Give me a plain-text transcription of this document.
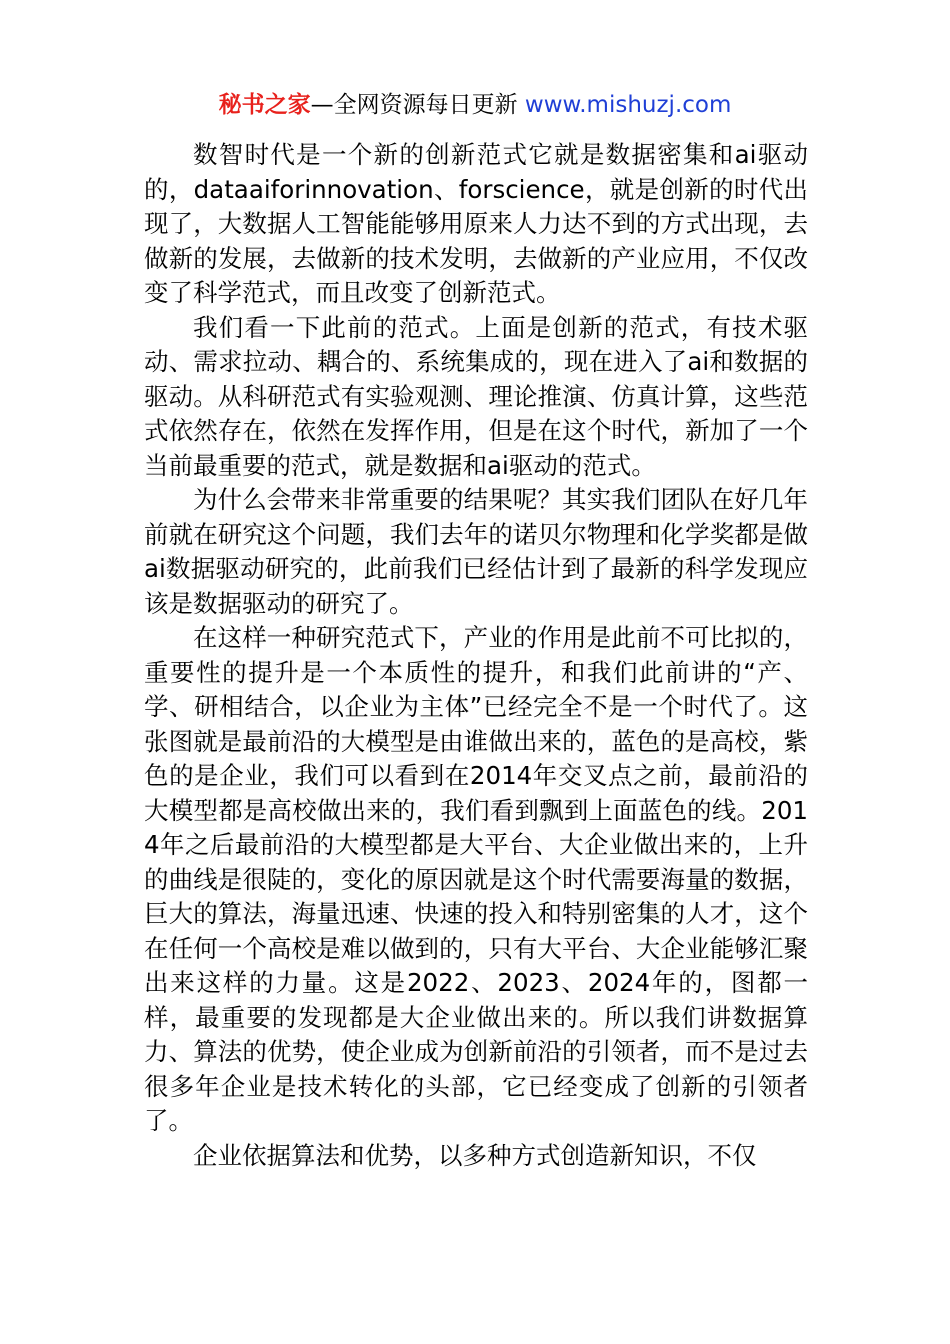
秘书之家—全网资源每日更新 www.mishuzj.com

数智时代是一个新的创新范式它就是数据密集和ai驱动的，dataaiforinnovation、forscience，就是创新的时代出现了，大数据人工智能能够用原来人力达不到的方式出现，去做新的发展，去做新的技术发明，去做新的产业应用，不仅改变了科学范式，而且改变了创新范式。

我们看一下此前的范式。上面是创新的范式，有技术驱动、需求拉动、耦合的、系统集成的，现在进入了ai和数据的驱动。从科研范式有实验观测、理论推演、仿真计算，这些范式依然存在，依然在发挥作用，但是在这个时代，新加了一个当前最重要的范式，就是数据和ai驱动的范式。

为什么会带来非常重要的结果呢？其实我们团队在好几年前就在研究这个问题，我们去年的诺贝尔物理和化学奖都是做ai数据驱动研究的，此前我们已经估计到了最新的科学发现应该是数据驱动的研究了。

在这样一种研究范式下，产业的作用是此前不可比拟的，重要性的提升是一个本质性的提升，和我们此前讲的“产、学、研相结合，以企业为主体”已经完全不是一个时代了。这张图就是最前沿的大模型是由谁做出来的，蓝色的是高校，紫色的是企业，我们可以看到在2014年交叉点之前，最前沿的大模型都是高校做出来的，我们看到飘到上面蓝色的线。2014年之后最前沿的大模型都是大平台、大企业做出来的，上升的曲线是很陡的，变化的原因就是这个时代需要海量的数据，巨大的算法，海量迅速、快速的投入和特别密集的人才，这个在任何一个高校是难以做到的，只有大平台、大企业能够汇聚出来这样的力量。这是2022、2023、2024年的，图都一样，最重要的发现都是大企业做出来的。所以我们讲数据算力、算法的优势，使企业成为创新前沿的引领者，而不是过去很多年企业是技术转化的头部，它已经变成了创新的引领者了。

企业依据算法和优势，以多种方式创造新知识，不仅
